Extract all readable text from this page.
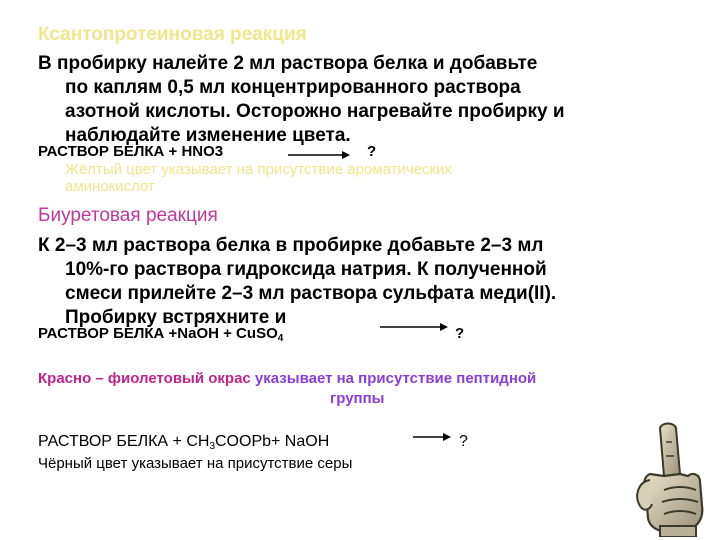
Ксантопротеиновая реакция
В пробирку налейте 2 мл раствора белка и добавьте
по каплям 0,5 мл концентрированного раствора
азотной кислоты. Осторожно нагревайте пробирку и
наблюдайте изменение цвета.
РАСТВОР БЕЛКА + HNO3	→ ?
Жёлтый цвет указывает на присутствие ароматических
аминокислот
Биуретовая реакция
К 2–3 мл раствора белка в пробирке добавьте 2–3 мл
10%-го раствора гидроксида натрия. К полученной
смеси прилейте 2–3 мл раствора сульфата меди(II).
Пробирку встряхните и
РАСТВОР БЕЛКА +NaOH + CuSO$_4$	?
Красно – фиолетовый окрас указывает на присутствие пептидной
группы
РАСТВОР БЕЛКА + $CH_3COOPb+$ NaOH	→ ?
Чёрный цвет указывает на присутствие серы
